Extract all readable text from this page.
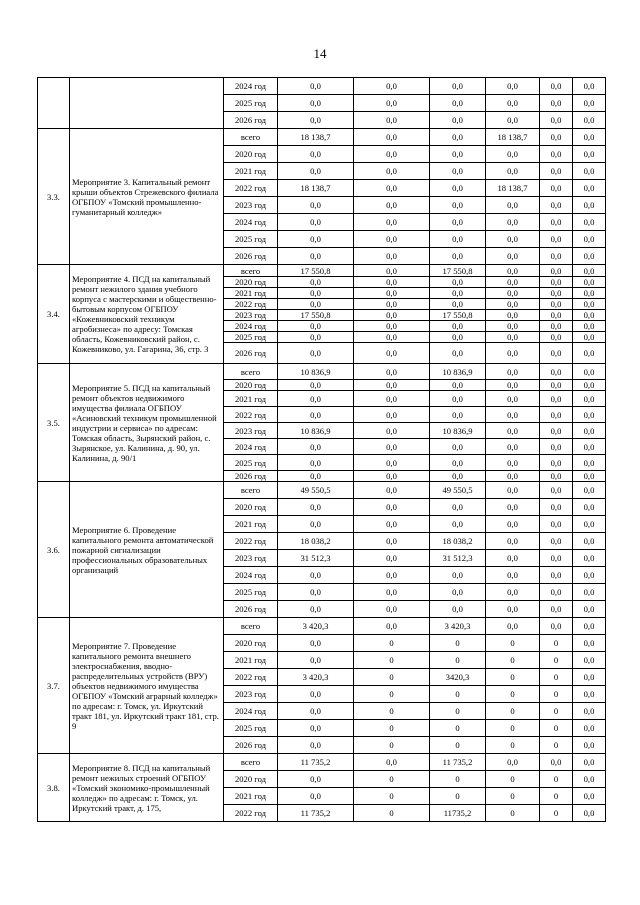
14
		2024 год	0,0	0,0	0,0	0,0	0,0	0,0
		2025 год	0,0	0,0	0,0	0,0	0,0	0,0
		2026 год	0,0	0,0	0,0	0,0	0,0	0,0
3.3.	Мероприятие 3. Капитальный ремонт крыши объектов Стрежевского филиала ОГБПОУ «Томский промышленно-гуманитарный колледж»	всего	18 138,7	0,0	0,0	18 138,7	0,0	0,0
		2020 год	0,0	0,0	0,0	0,0	0,0	0,0
		2021 год	0,0	0,0	0,0	0,0	0,0	0,0
		2022 год	18 138,7	0,0	0,0	18 138,7	0,0	0,0
		2023 год	0,0	0,0	0,0	0,0	0,0	0,0
		2024 год	0,0	0,0	0,0	0,0	0,0	0,0
		2025 год	0,0	0,0	0,0	0,0	0,0	0,0
		2026 год	0,0	0,0	0,0	0,0	0,0	0,0
3.4.	Мероприятие 4. ПСД на капитальный ремонт нежилого здания учебного корпуса с мастерскими и общественно-бытовым корпусом ОГБПОУ «Кожевниковский техникум агробизнеса» по адресу: Томская область, Кожевниковский район, с. Кожевниково, ул. Гагарина, 36, стр. 3	всего	17 550,8	0,0	17 550,8	0,0	0,0	0,0
		2020 год	0,0	0,0	0,0	0,0	0,0	0,0
		2021 год	0,0	0,0	0,0	0,0	0,0	0,0
		2022 год	0,0	0,0	0,0	0,0	0,0	0,0
		2023 год	17 550,8	0,0	17 550,8	0,0	0,0	0,0
		2024 год	0,0	0,0	0,0	0,0	0,0	0,0
		2025 год	0,0	0,0	0,0	0,0	0,0	0,0
		2026 год	0,0	0,0	0,0	0,0	0,0	0,0
3.5.	Мероприятие 5. ПСД на капитальный ремонт объектов недвижимого имущества филиала ОГБПОУ «Асиновский техникум промышленной индустрии и сервиса» по адресам: Томская область, Зырянский район, с. Зырянское, ул. Калинина, д. 90, ул. Калинина, д. 90/1	всего	10 836,9	0,0	10 836,9	0,0	0,0	0,0
		2020 год	0,0	0,0	0,0	0,0	0,0	0,0
		2021 год	0,0	0,0	0,0	0,0	0,0	0,0
		2022 год	0,0	0,0	0,0	0,0	0,0	0,0
		2023 год	10 836,9	0,0	10 836,9	0,0	0,0	0,0
		2024 год	0,0	0,0	0,0	0,0	0,0	0,0
		2025 год	0,0	0,0	0,0	0,0	0,0	0,0
		2026 год	0,0	0,0	0,0	0,0	0,0	0,0
3.6.	Мероприятие 6. Проведение капитального ремонта автоматической пожарной сигнализации профессиональных образовательных организаций	всего	49 550,5	0,0	49 550,5	0,0	0,0	0,0
		2020 год	0,0	0,0	0,0	0,0	0,0	0,0
		2021 год	0,0	0,0	0,0	0,0	0,0	0,0
		2022 год	18 038,2	0,0	18 038,2	0,0	0,0	0,0
		2023 год	31 512,3	0,0	31 512,3	0,0	0,0	0,0
		2024 год	0,0	0,0	0,0	0,0	0,0	0,0
		2025 год	0,0	0,0	0,0	0,0	0,0	0,0
		2026 год	0,0	0,0	0,0	0,0	0,0	0,0
3.7.	Мероприятие 7. Проведение капитального ремонта внешнего электроснабжения, вводно-распределительных устройств (ВРУ) объектов недвижимого имущества ОГБПОУ «Томский аграрный колледж» по адресам: г. Томск, ул. Иркутский тракт 181, ул. Иркутский тракт 181, стр. 9	всего	3 420,3	0,0	3 420,3	0,0	0,0	0,0
		2020 год	0,0	0	0	0	0	0,0
		2021 год	0,0	0	0	0	0	0,0
		2022 год	3 420,3	0	3420,3	0	0	0,0
		2023 год	0,0	0	0	0	0	0,0
		2024 год	0,0	0	0	0	0	0,0
		2025 год	0,0	0	0	0	0	0,0
		2026 год	0,0	0	0	0	0	0,0
3.8.	Мероприятие 8. ПСД на капитальный ремонт нежилых строений ОГБПОУ «Томский экономико-промышленный колледж» по адресам: г. Томск, ул. Иркутский тракт, д. 175,	всего	11 735,2	0,0	11 735,2	0,0	0,0	0,0
		2020 год	0,0	0	0	0	0	0,0
		2021 год	0,0	0	0	0	0	0,0
		2022 год	11 735,2	0	11735,2	0	0	0,0
